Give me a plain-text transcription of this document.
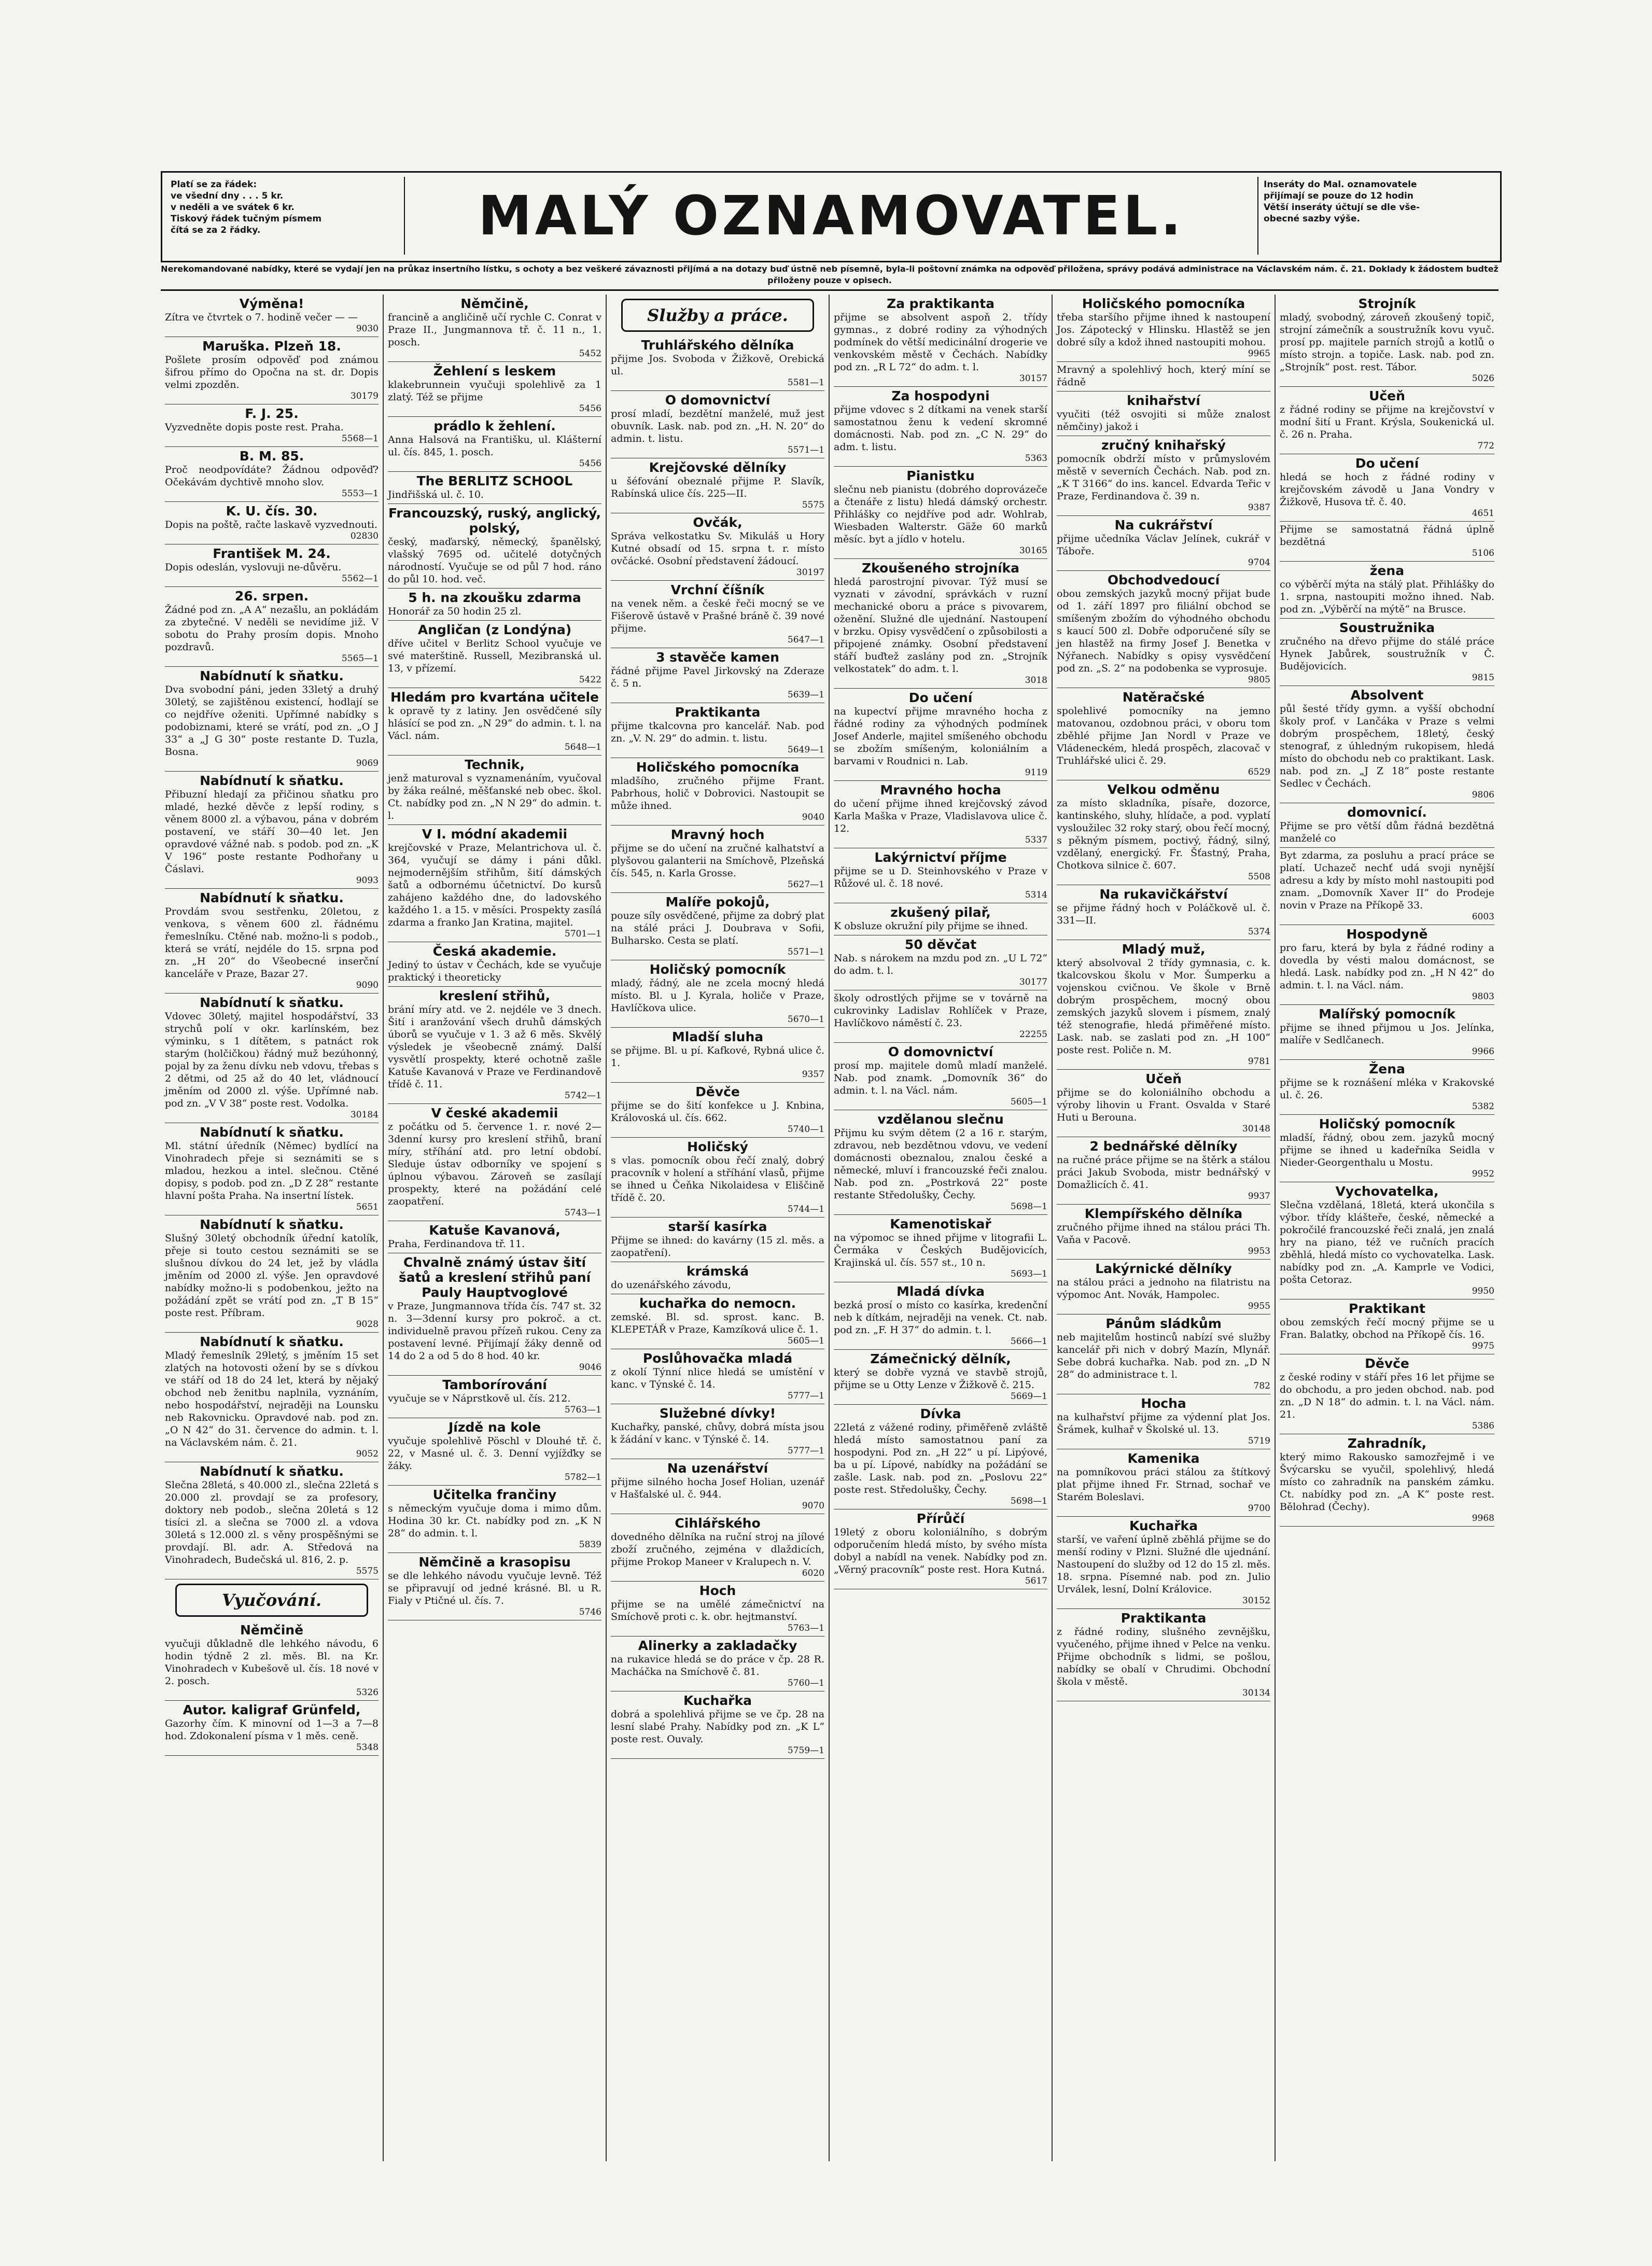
Platí se za řádek:
ve všední dny . . . 5 kr.
v neděli a ve svátek 6 kr.
Tiskový řádek tučným písmem
čítá se za 2 řádky.	MALÝ OZNAMOVATEL.	Inseráty do Mal. oznamovatele
přijímají se pouze do 12 hodin
Větší inseráty účtují se dle vše-
obecné sazby výše.
Nerekomandované nabídky, které se vydají jen na průkaz insertního lístku, s ochoty a bez veškeré závaznosti přijímá a na dotazy buď ústně neb písemně, byla-li poštovní známka na odpověď přiložena, správy podává administrace na Václavském nám. č. 21. Doklady k žádostem budtež přiloženy pouze v opisech.
Výměna!
Zítra ve čtvrtek o 7. hodině večer — —
9030
Maruška. Plzeň 18.
Pošlete prosím odpověď pod známou šifrou přímo do Opočna na st. dr. Dopis velmi zpozděn.
30179
F. J. 25.
Vyzvedněte dopis poste rest. Praha.
5568—1
B. M. 85.
Proč neodpovídáte? Žádnou odpověď? Očekávám dychtivě mnoho slov.
5553—1
K. U. čís. 30.
Dopis na poště, račte laskavě vyzvednouti.
02830
František M. 24.
Dopis odeslán, vyslovuji ne-důvěru.
5562—1
26. srpen.
Žádné pod zn. „A A“ nezašlu, an pokládám za zbytečné. V neděli se nevidíme již. V sobotu do Prahy prosím dopis. Mnoho pozdravů.
5565—1
Nabídnutí k sňatku.
Dva svobodní páni, jeden 33letý a druhý 30letý, se zajištěnou existencí, hodlají se co nejdříve oženiti. Upřímné nabídky s podobiznami, které se vrátí, pod zn. „O J 33“ a „J G 30“ poste restante D. Tuzla, Bosna.
9069
Nabídnutí k sňatku.
Přibuzní hledají za přičinou sňatku pro mladé, hezké děvče z lepší rodiny, s věnem 8000 zl. a výbavou, pána v dobrém postavení, ve stáří 30—40 let. Jen opravdové vážné nab. s podob. pod zn. „K V 196“ poste restante Podhořany u Čáslavi.
9093
Nabídnutí k sňatku.
Provdám svou sestřenku, 20letou, z venkova, s věnem 600 zl. řádnému řemeslníku. Ctěné nab. možno-li s podob., která se vrátí, nejdéle do 15. srpna pod zn. „H 20“ do Všeobecné inserční kanceláře v Praze, Bazar 27.
9090
Nabídnutí k sňatku.
Vdovec 30letý, majitel hospodářství, 33 strychů polí v okr. karlínském, bez výminku, s 1 dítětem, s patnáct rok starým (holčičkou) řádný muž bezúhonný, pojal by za ženu dívku neb vdovu, třebas s 2 dětmi, od 25 až do 40 let, vládnoucí jměním od 2000 zl. výše. Upřímné nab. pod zn. „V V 38“ poste rest. Vodolka.
30184
Nabídnutí k sňatku.
Ml. státní úředník (Němec) bydlící na Vinohradech přeje si seznámiti se s mladou, hezkou a intel. slečnou. Ctěné dopisy, s podob. pod zn. „D Z 28“ restante hlavní pošta Praha. Na insertní lístek.
5651
Nabídnutí k sňatku.
Slušný 30letý obchodník úřední katolík, přeje si touto cestou seznámiti se se slušnou dívkou do 24 let, jež by vládla jměním od 2000 zl. výše. Jen opravdové nabídky možno-li s podobenkou, ježto na požádání zpět se vrátí pod zn. „T B 15“ poste rest. Příbram.
9028
Nabídnutí k sňatku.
Mladý řemeslník 29letý, s jměním 15 set zlatých na hotovosti ožení by se s dívkou ve stáří od 18 do 24 let, která by nějaký obchod neb ženitbu naplnila, vyznáním, nebo hospodářství, nejraději na Lounsku neb Rakovnicku. Opravdové nab. pod zn. „O N 42“ do 31. července do admin. t. l. na Václavském nám. č. 21.
9052
Nabídnutí k sňatku.
Slečna 28letá, s 40.000 zl., slečna 22letá s 20.000 zl. provdají se za profesory, doktory neb podob., slečna 20letá s 12 tisíci zl. a slečna se 7000 zl. a vdova 30letá s 12.000 zl. s věny prospěšnými se provdají. Bl. adr. A. Středová na Vinohradech, Budečská ul. 816, 2. p.
5575
Vyučování.
Němčině
vyučuji důkladně dle lehkého návodu, 6 hodin týdně 2 zl. měs. Bl. na Kr. Vinohradech v Kubešově ul. čís. 18 nové v 2. posch.
5326
Autor. kaligraf Grünfeld,
Gazorhy čím. K minovní od 1—3 a 7—8 hod. Zdokonalení písma v 1 měs. ceně.
5348
Němčině,
francině a angličině učí rychle C. Conrat v Praze II., Jungmannova tř. č. 11 n., 1. posch.
5452
Žehlení s leskem
klakebrunnein vyučuji spolehlivě za 1 zlatý. Též se přijme
5456
prádlo k žehlení.
Anna Halsová na Františku, ul. Klášterní ul. čís. 845, 1. posch.
5456
The BERLITZ SCHOOL
Jindřišská ul. č. 10.
Francouzský, ruský, anglický, polský,
český, maďarský, německý, španělský, vlašský 7695 od. učitelé dotyčných národností. Vyučuje se od půl 7 hod. ráno do půl 10. hod. več.
5 h. na zkoušku zdarma
Honorář za 50 hodin 25 zl.
Angličan (z Londýna)
dříve učitel v Berlitz School vyučuje ve své materštině. Russell, Mezibranská ul. 13, v přízemí.
5422
Hledám pro kvartána učitele
k opravě ty z latiny. Jen osvědčené síly hlásící se pod zn. „N 29“ do admin. t. l. na Václ. nám.
5648—1
Technik,
jenž maturoval s vyznamenáním, vyučoval by žáka reálné, měšťanské neb obec. škol. Ct. nabídky pod zn. „N N 29“ do admin. t. l.
V I. módní akademii
krejčovské v Praze, Melantrichova ul. č. 364, vyučují se dámy i páni důkl. nejmodernějším střihům, šití dámských šatů a odbornému účetnictví. Do kursů zahájeno každého dne, do ladovského každého 1. a 15. v měsíci. Prospekty zasílá zdarma a franko Jan Kratina, majitel.
5701—1
Česká akademie.
Jediný to ústav v Čechách, kde se vyučuje praktický i theoreticky
kreslení střihů,
brání míry atd. ve 2. nejdéle ve 3 dnech. Šití i aranžování všech druhů dámských úborů se vyučuje v 1. 3 až 6 měs. Skvělý výsledek je všeobecně známý. Další vysvětlí prospekty, které ochotně zašle Katuše Kavanová v Praze ve Ferdinandově třídě č. 11.
5742—1
V české akademii
z počátku od 5. července 1. r. nové 2—3denní kursy pro kreslení střihů, braní míry, stříhání atd. pro letní období. Sleduje ústav odborníky ve spojení s úplnou výbavou. Zároveň se zasílají prospekty, které na požádání celé zaopatření.
5743—1
Katuše Kavanová,
Praha, Ferdinandova tř. 11.
Chvalně známý ústav šití šatů a kreslení střihů paní Pauly Hauptvoglové
v Praze, Jungmannova třída čís. 747 st. 32 n. 3—3denní kursy pro pokroč. a ct. individuelně pravou přízeň rukou. Ceny za postavení levné. Přijímají žáky denně od 14 do 2 a od 5 do 8 hod. 40 kr.
9046
Tamborírování
vyučuje se v Náprstkově ul. čís. 212.
5763—1
Jízdě na kole
vyučuje spolehlivě Pöschl v Dlouhé tř. č. 22, v Masné ul. č. 3. Denní vyjížďky se žáky.
5782—1
Učitelka frančiny
s německým vyučuje doma i mimo dům. Hodina 30 kr. Ct. nabídky pod zn. „K N 28“ do admin. t. l.
5839
Němčině a krasopisu
se dle lehkého návodu vyučuje levně. Též se připravují od jedné krásné. Bl. u R. Fialy v Ptičné ul. čís. 7.
5746
Služby a práce.
Truhlářského dělníka
přijme Jos. Svoboda v Žižkově, Orebická ul.
5581—1
O domovnictví
prosí mladí, bezdětní manželé, muž jest obuvník. Lask. nab. pod zn. „H. N. 20“ do admin. t. listu.
5571—1
Krejčovské dělníky
u šéfování obeznalé přijme P. Slavík, Rabínská ulice čís. 225—II.
5575
Ovčák,
Správa velkostatku Sv. Mikuláš u Hory Kutné obsadí od 15. srpna t. r. místo ovčácké. Osobní představení žádoucí.
30197
Vrchní číšník
na venek něm. a české řeči mocný se ve Fišerově ústavě v Prašné bráně č. 39 nové přijme.
5647—1
3 stavěče kamen
řádné přijme Pavel Jirkovský na Zderaze č. 5 n.
5639—1
Praktikanta
přijme tkalcovna pro kancelář. Nab. pod zn. „V. N. 29“ do admin. t. listu.
5649—1
Holičského pomocníka
mladšího, zručného přijme Frant. Pabrhous, holič v Dobrovici. Nastoupit se může ihned.
9040
Mravný hoch
přijme se do učení na zručné kalhatství a plyšovou galanterii na Smíchově, Plzeňská čís. 545, n. Karla Grosse.
5627—1
Malíře pokojů,
pouze síly osvědčené, přijme za dobrý plat na stálé práci J. Doubrava v Sofii, Bulharsko. Cesta se platí.
5571—1
Holičský pomocník
mladý, řádný, ale ne zcela mocný hledá místo. Bl. u J. Kyrala, holiče v Praze, Havlíčkova ulice.
5670—1
Mladší sluha
se přijme. Bl. u pí. Kafkové, Rybná ulice č. 1.
9357
Děvče
přijme se do šití konfekce u J. Knbina, Královoská ul. čís. 662.
5740—1
Holičský
s vlas. pomocník obou řečí znalý, dobrý pracovník v holení a stříhání vlasů, přijme se ihned u Čeňka Nikolaidesa v Eliščině třídě č. 20.
5744—1
starší kasírka
Přijme se ihned: do kavárny (15 zl. měs. a zaopatření).
krámská
do uzenářského závodu,
kuchařka do nemocn.
zemské. Bl. sd. sprost. kanc. B. KLEPETÁŘ v Praze, Kamzíková ulice č. 1.
5605—1
Poslůhovačka mladá
z okolí Týnní nlice hledá se umístění v kanc. v Týnské č. 14.
5777—1
Služebné dívky!
Kuchařky, panské, chůvy, dobrá místa jsou k žádání v kanc. v Týnské č. 14.
5777—1
Na uzenářství
přijme silného hocha Josef Holian, uzenář v Hašťalské ul. č. 944.
9070
Cihlářského
dovedného dělníka na ruční stroj na jílové zboží zručného, zejména v dlaždicích, přijme Prokop Maneer v Kralupech n. V.
6020
Hoch
přijme se na umělé zámečnictví na Smíchově proti c. k. obr. hejtmanství.
5763—1
Alinerky a zakladačky
na rukavice hledá se do práce v čp. 28 R. Macháčka na Smíchově č. 81.
5760—1
Kuchařka
dobrá a spolehlivá přijme se ve čp. 28 na lesní slabé Prahy. Nabídky pod zn. „K L“ poste rest. Ouvaly.
5759—1
Za praktikanta
přijme se absolvent aspoň 2. třídy gymnas., z dobré rodiny za výhodných podmínek do větší medicinální drogerie ve venkovském městě v Čechách. Nabídky pod zn. „R L 72“ do adm. t. l.
30157
Za hospodyni
přijme vdovec s 2 dítkami na venek starší samostatnou ženu k vedení skromné domácnosti. Nab. pod zn. „C N. 29“ do adm. t. listu.
5363
Pianistku
slečnu neb pianistu (dobrého doprovázeče a čtenáře z listu) hledá dámský orchestr. Přihlášky co nejdříve pod adr. Wohlrab, Wiesbaden Walterstr. Gäže 60 marků měsíc. byt a jídlo v hotelu.
30165
Zkoušeného strojníka
hledá parostrojní pivovar. Týž musí se vyznati v závodní, správkách v ruzní mechanické oboru a práce s pivovarem, oženění. Služné dle ujednání. Nastoupení v brzku. Opisy vysvědčení o způsobilosti a připojené známky. Osobní představení stáří buďtež zaslány pod zn. „Strojník velkostatek“ do adm. t. l.
3018
Do učení
na kupectví přijme mravného hocha z řádné rodiny za výhodných podmínek Josef Anderle, majitel smíšeného obchodu se zbožím smíšeným, koloniálním a barvami v Roudnici n. Lab.
9119
Mravného hocha
do učení přijme ihned krejčovský závod Karla Maška v Praze, Vladislavova ulice č. 12.
5337
Lakýrnictví příjme
přijme se u D. Steinhovského v Praze v Růžové ul. č. 18 nové.
5314
zkušený pilař,
K obsluze okružní pily přijme se ihned.
50 děvčat
Nab. s nárokem na mzdu pod zn. „U L 72“ do adm. t. l.
30177
školy odrostlých přijme se v továrně na cukrovinky Ladislav Rohlíček v Praze, Havlíčkovo náměstí č. 23.
22255
O domovnictví
prosí mp. majitele domů mladí manželé. Nab. pod znamk. „Domovník 36“ do admin. t. l. na Václ. nám.
5605—1
vzdělanou slečnu
Přijmu ku svým dětem (2 a 16 r. starým, zdravou, neb bezdětnou vdovu, ve vedení domácnosti obeznalou, znalou české a německé, mluví i francouzské řeči znalou. Nab. pod zn. „Postrková 22“ poste restante Středolušky, Čechy.
5698—1
Kamenotiskař
na výpomoc se ihned přijme v litografii L. Čermáka v Českých Budějovicích, Krajinská ul. čís. 557 st., 10 n.
5693—1
Mladá dívka
bezká prosí o místo co kasírka, kredenční neb k dítkám, nejraději na venek. Ct. nab. pod zn. „F. H 37“ do admin. t. l.
5666—1
Zámečnický dělník,
který se dobře vyzná ve stavbě strojů, přijme se u Otty Lenze v Žižkově č. 215.
5669—1
Dívka
22letá z vážené rodiny, přiměřeně zvláště hledá místo samostatnou paní za hospodyni. Pod zn. „H 22“ u pí. Lipýové, ba u pí. Lípové, nabídky na požádání se zašle. Lask. nab. pod zn. „Poslovu 22“ poste rest. Středolušky, Čechy.
5698—1
Přírůčí
19letý z oboru koloniálního, s dobrým odporučením hledá místo, by svého místa dobyl a nabídl na venek. Nabídky pod zn. „Věrný pracovník“ poste rest. Hora Kutná.
5617
Holičského pomocníka
třeba staršího přijme ihned k nastoupení Jos. Zápotecký v Hlinsku. Hlastěž se jen dobré síly a kdož ihned nastoupiti mohou.
9965
Mravný a spolehlivý hoch, který míní se řádně
knihařství
vyučiti (též osvojiti si může znalost němčiny) jakož i
zručný knihařský
pomocník obdrží místo v průmyslovém městě v severních Čechách. Nab. pod zn. „K T 3166“ do ins. kancel. Edvarda Teřic v Praze, Ferdinandova č. 39 n.
9387
Na cukrářství
přijme učedníka Václav Jelínek, cukrář v Táboře.
9704
Obchodvedoucí
obou zemských jazyků mocný přijat bude od 1. září 1897 pro filiální obchod se smíšeným zbožím do výhodného obchodu s kaucí 500 zl. Dobře odporučené síly se jen hlastěž na firmy Josef J. Benetka v Nýřanech. Nabídky s opisy vysvědčení pod zn. „S. 2“ na podobenka se vyprosuje.
9805
Natěračské
spolehlivé pomocníky na jemno matovanou, ozdobnou práci, v oboru tom zběhlé přijme Jan Nordl v Praze ve Vládeneckém, hledá prospěch, zlacovač v Truhlářské ulici č. 29.
6529
Velkou odměnu
za místo skladníka, písaře, dozorce, kantinského, sluhy, hlídače, a pod. vyplatí vysloužilec 32 roky starý, obou řečí mocný, s pěkným písmem, poctivý, řádný, silný, vzdělaný, energický. Fr. Šťastný, Praha, Chotkova silnice č. 607.
5508
Na rukavičkářství
se přijme řádný hoch v Poláčkově ul. č. 331—II.
5374
Mladý muž,
který absolvoval 2 třídy gymnasia, c. k. tkalcovskou školu v Mor. Šumperku a vojenskou cvičnou. Ve škole v Brně dobrým prospěchem, mocný obou zemských jazyků slovem i písmem, znalý též stenografie, hledá přiměřené místo. Lask. nab. se zaslati pod zn. „H 100“ poste rest. Poliče n. M.
9781
Učeň
přijme se do koloniálního obchodu a výroby lihovin u Frant. Osvalda v Staré Huti u Berouna.
30148
2 bednářské dělníky
na ručné práce přijme se na štěrk a stálou práci Jakub Svoboda, mistr bednářský v Domažlicích č. 41.
9937
Klempířského dělníka
zručného přijme ihned na stálou práci Th. Vaňa v Pacově.
9953
Lakýrnické dělníky
na stálou práci a jednoho na filatristu na výpomoc Ant. Novák, Hampolec.
9955
Pánům sládkům
neb majitelům hostinců nabízí své služby kancelář při nich v dobrý Mazín, Mlynář. Sebe dobrá kuchařka. Nab. pod zn. „D N 28“ do administrace t. l.
782
Hocha
na kulhařství přijme za výdenní plat Jos. Šrámek, kulhař v Školské ul. 13.
5719
Kamenika
na pomníkovou práci stálou za štítkový plat přijme ihned Fr. Strnad, sochař ve Starém Boleslavi.
9700
Kuchařka
starší, ve vaření úplně zběhlá přijme se do menší rodiny v Plzni. Služné dle ujednání. Nastoupení do služby od 12 do 15 zl. měs. 18. srpna. Písemné nab. pod zn. Julio Urválek, lesní, Dolní Královice.
30152
Praktikanta
z řádné rodiny, slušného zevnějšku, vyučeného, přijme ihned v Pelce na venku. Přijme obchodník s lidmi, se pošlou, nabídky se obalí v Chrudimi. Obchodní škola v městě.
30134
Strojník
mladý, svobodný, zároveň zkoušený topič, strojní zámečník a soustružník kovu vyuč. prosí pp. majitele parních strojů a kotlů o místo strojn. a topiče. Lask. nab. pod zn. „Strojník“ post. rest. Tábor.
5026
Učeň
z řádné rodiny se přijme na krejčovství v modní šití u Frant. Krýsla, Soukenická ul. č. 26 n. Praha.
772
Do učení
hledá se hoch z řádné rodiny v krejčovském závodě u Jana Vondry v Žižkově, Husova tř. č. 40.
4651
Přijme se samostatná řádná úplně bezdětná
5106
žena
co výběrčí mýta na stálý plat. Přihlášky do 1. srpna, nastoupiti možno ihned. Nab. pod zn. „Výběrčí na mýtě“ na Brusce.
Soustružnika
zručného na dřevo přijme do stálé práce Hynek Jabůrek, soustružník v Č. Budějovicích.
9815
Absolvent
půl šesté třídy gymn. a vyšší obchodní školy prof. v Lančáka v Praze s velmi dobrým prospěchem, 18letý, český stenograf, z úhledným rukopisem, hledá místo do obchodu neb co praktikant. Lask. nab. pod zn. „J Z 18“ poste restante Sedlec v Čechách.
9806
domovnicí.
Přijme se pro větší dům řádná bezdětná manželé co
Byt zdarma, za posluhu a prací práce se platí. Uchazeč nechť udá svoji nynější adresu a kdy by místo mohl nastoupiti pod znam. „Domovník Xaver II“ do Prodeje novin v Praze na Příkopě 33.
6003
Hospodyně
pro faru, která by byla z řádné rodiny a dovedla by vésti malou domácnost, se hledá. Lask. nabídky pod zn. „H N 42“ do admin. t. l. na Václ. nám.
9803
Malířský pomocník
přijme se ihned přijmou u Jos. Jelínka, malíře v Sedlčanech.
9966
Žena
přijme se k roznášení mléka v Krakovské ul. č. 26.
5382
Holičský pomocník
mladší, řádný, obou zem. jazyků mocný přijme se ihned u kadeřníka Seidla v Nieder-Georgenthalu u Mostu.
9952
Vychovatelka,
Slečna vzdělaná, 18letá, která ukončila s výbor. třídy klášteře, české, německé a pokročilé francouzské řeči znalá, jen znalá hry na piano, též ve ručních pracích zběhlá, hledá místo co vychovatelka. Lask. nabídky pod zn. „A. Kamprle ve Vodici, pošta Cetoraz.
9950
Praktikant
obou zemských řečí mocný přijme se u Fran. Balatky, obchod na Příkopě čís. 16.
9975
Děvče
z české rodiny v stáří přes 16 let přijme se do obchodu, a pro jeden obchod. nab. pod zn. „D N 18“ do admin. t. l. na Václ. nám. 21.
5386
Zahradník,
který mimo Rakousko samozřejmě i ve Švýcarsku se vyučil, spolehlivý, hledá místo co zahradník na panském zámku. Ct. nabídky pod zn. „A K“ poste rest. Bělohrad (Čechy).
9968
